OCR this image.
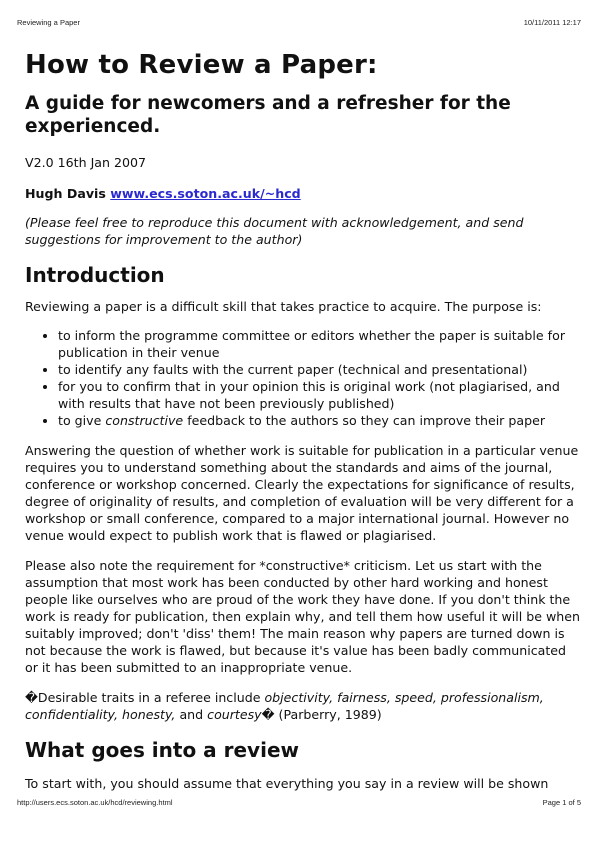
Reviewing a Paper	10/11/2011 12:17
How to Review a Paper:
A guide for newcomers and a refresher for the experienced.

V2.0 16th Jan 2007

Hugh Davis www.ecs.soton.ac.uk/~hcd

(Please feel free to reproduce this document with acknowledgement, and send suggestions for improvement to the author)

Introduction

Reviewing a paper is a difficult skill that takes practice to acquire. The purpose is:

• to inform the programme committee or editors whether the paper is suitable for publication in their venue
• to identify any faults with the current paper (technical and presentational)
• for you to confirm that in your opinion this is original work (not plagiarised, and with results that have not been previously published)
• to give constructive feedback to the authors so they can improve their paper

Answering the question of whether work is suitable for publication in a particular venue requires you to understand something about the standards and aims of the journal, conference or workshop concerned. Clearly the expectations for significance of results, degree of originality of results, and completion of evaluation will be very different for a workshop or small conference, compared to a major international journal. However no venue would expect to publish work that is flawed or plagiarised.

Please also note the requirement for *constructive* criticism. Let us start with the assumption that most work has been conducted by other hard working and honest people like ourselves who are proud of the work they have done. If you don't think the work is ready for publication, then explain why, and tell them how useful it will be when suitably improved; don't 'diss' them! The main reason why papers are turned down is not because the work is flawed, but because it's value has been badly communicated or it has been submitted to an inappropriate venue.

�Desirable traits in a referee include objectivity, fairness, speed, professionalism, confidentiality, honesty, and courtesy� (Parberry, 1989)

What goes into a review

To start with, you should assume that everything you say in a review will be shown

http://users.ecs.soton.ac.uk/hcd/reviewing.html	Page 1 of 5
